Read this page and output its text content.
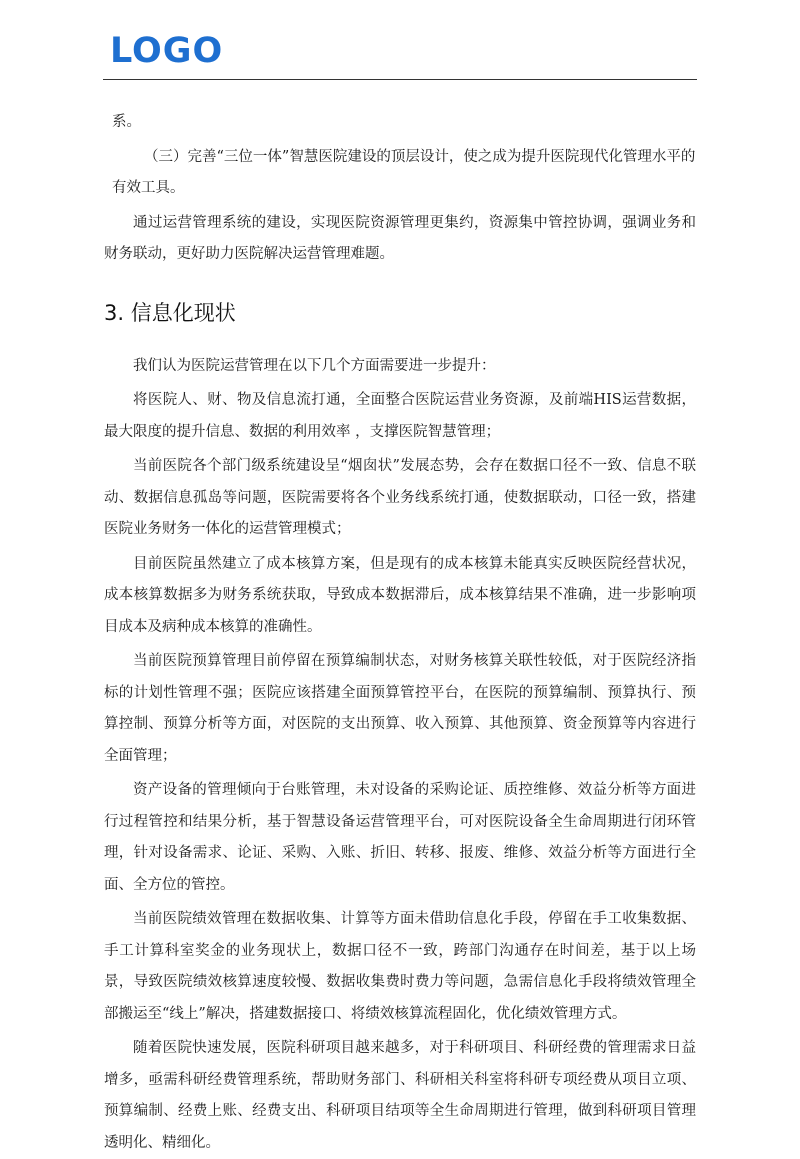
LOGO

系。

（三）完善“三位一体”智慧医院建设的顶层设计，使之成为提升医院现代化管理水平的

有效工具。

通过运营管理系统的建设，实现医院资源管理更集约，资源集中管控协调，强调业务和财务联动，更好助力医院解决运营管理难题。

3. 信息化现状

我们认为医院运营管理在以下几个方面需要进一步提升：

将医院人、财、物及信息流打通，全面整合医院运营业务资源，及前端HIS运营数据，最大限度的提升信息、数据的利用效率 ，支撑医院智慧管理；

当前医院各个部门级系统建设呈“烟囱状”发展态势，会存在数据口径不一致、信息不联动、数据信息孤岛等问题，医院需要将各个业务线系统打通，使数据联动，口径一致，搭建医院业务财务一体化的运营管理模式；

目前医院虽然建立了成本核算方案，但是现有的成本核算未能真实反映医院经营状况，成本核算数据多为财务系统获取，导致成本数据滞后，成本核算结果不准确，进一步影响项目成本及病种成本核算的准确性。

当前医院预算管理目前停留在预算编制状态，对财务核算关联性较低，对于医院经济指标的计划性管理不强；医院应该搭建全面预算管控平台，在医院的预算编制、预算执行、预算控制、预算分析等方面，对医院的支出预算、收入预算、其他预算、资金预算等内容进行全面管理；

资产设备的管理倾向于台账管理，未对设备的采购论证、质控维修、效益分析等方面进行过程管控和结果分析，基于智慧设备运营管理平台，可对医院设备全生命周期进行闭环管理，针对设备需求、论证、采购、入账、折旧、转移、报废、维修、效益分析等方面进行全面、全方位的管控。

当前医院绩效管理在数据收集、计算等方面未借助信息化手段，停留在手工收集数据、手工计算科室奖金的业务现状上，数据口径不一致，跨部门沟通存在时间差，基于以上场景，导致医院绩效核算速度较慢、数据收集费时费力等问题，急需信息化手段将绩效管理全部搬运至“线上”解决，搭建数据接口、将绩效核算流程固化，优化绩效管理方式。

随着医院快速发展，医院科研项目越来越多，对于科研项目、科研经费的管理需求日益增多，亟需科研经费管理系统，帮助财务部门、科研相关科室将科研专项经费从项目立项、预算编制、经费上账、经费支出、科研项目结项等全生命周期进行管理，做到科研项目管理透明化、精细化。
